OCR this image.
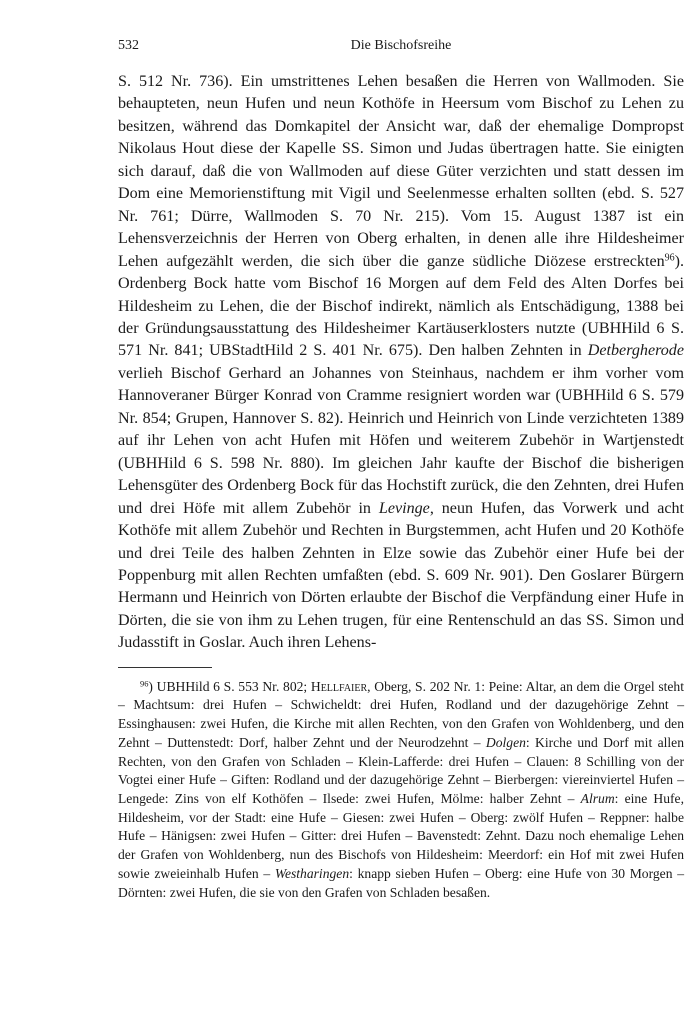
532	Die Bischofsreihe

S. 512 Nr. 736). Ein umstrittenes Lehen besaßen die Herren von Wallmoden. Sie behaupteten, neun Hufen und neun Kothöfe in Heersum vom Bischof zu Lehen zu besitzen, während das Domkapitel der Ansicht war, daß der ehemalige Dompropst Nikolaus Hout diese der Kapelle SS. Simon und Judas übertragen hatte. Sie einigten sich darauf, daß die von Wallmoden auf diese Güter verzichten und statt dessen im Dom eine Memorienstiftung mit Vigil und Seelenmesse erhalten sollten (ebd. S. 527 Nr. 761; Dürre, Wallmoden S. 70 Nr. 215). Vom 15. August 1387 ist ein Lehensverzeichnis der Herren von Oberg erhalten, in denen alle ihre Hildesheimer Lehen aufgezählt werden, die sich über die ganze südliche Diözese erstreckten$^{96}$). Ordenberg Bock hatte vom Bischof 16 Morgen auf dem Feld des Alten Dorfes bei Hildesheim zu Lehen, die der Bischof indirekt, nämlich als Entschädigung, 1388 bei der Gründungsausstattung des Hildesheimer Kartäuserklosters nutzte (UBHHild 6 S. 571 Nr. 841; UBStadtHild 2 S. 401 Nr. 675). Den halben Zehnten in Detbergherode verlieh Bischof Gerhard an Johannes von Steinhaus, nachdem er ihm vorher vom Hannoveraner Bürger Konrad von Cramme resigniert worden war (UBHHild 6 S. 579 Nr. 854; Grupen, Hannover S. 82). Heinrich und Heinrich von Linde verzichteten 1389 auf ihr Lehen von acht Hufen mit Höfen und weiterem Zubehör in Wartjenstedt (UBHHild 6 S. 598 Nr. 880). Im gleichen Jahr kaufte der Bischof die bisherigen Lehensgüter des Ordenberg Bock für das Hochstift zurück, die den Zehnten, drei Hufen und drei Höfe mit allem Zubehör in Levinge, neun Hufen, das Vorwerk und acht Kothöfe mit allem Zubehör und Rechten in Burgstemmen, acht Hufen und 20 Kothöfe und drei Teile des halben Zehnten in Elze sowie das Zubehör einer Hufe bei der Poppenburg mit allen Rechten umfaßten (ebd. S. 609 Nr. 901). Den Goslarer Bürgern Hermann und Heinrich von Dörten erlaubte der Bischof die Verpfändung einer Hufe in Dörten, die sie von ihm zu Lehen trugen, für eine Rentenschuld an das SS. Simon und Judasstift in Goslar. Auch ihren Lehens-

$^{96}$) UBHHild 6 S. 553 Nr. 802; Hellfaier, Oberg, S. 202 Nr. 1: Peine: Altar, an dem die Orgel steht – Machtsum: drei Hufen – Schwicheldt: drei Hufen, Rodland und der dazugehörige Zehnt – Essinghausen: zwei Hufen, die Kirche mit allen Rechten, von den Grafen von Wohldenberg, und den Zehnt – Duttenstedt: Dorf, halber Zehnt und der Neurodzehnt – Dolgen: Kirche und Dorf mit allen Rechten, von den Grafen von Schladen – Klein-Lafferde: drei Hufen – Clauen: 8 Schilling von der Vogtei einer Hufe – Giften: Rodland und der dazugehörige Zehnt – Bierbergen: viereinviertel Hufen – Lengede: Zins von elf Kothöfen – Ilsede: zwei Hufen, Mölme: halber Zehnt – Alrum: eine Hufe, Hildesheim, vor der Stadt: eine Hufe – Giesen: zwei Hufen – Oberg: zwölf Hufen – Reppner: halbe Hufe – Hänigsen: zwei Hufen – Gitter: drei Hufen – Bavenstedt: Zehnt. Dazu noch ehemalige Lehen der Grafen von Wohldenberg, nun des Bischofs von Hildesheim: Meerdorf: ein Hof mit zwei Hufen sowie zweieinhalb Hufen – Westharingen: knapp sieben Hufen – Oberg: eine Hufe von 30 Morgen – Dörnten: zwei Hufen, die sie von den Grafen von Schladen besaßen.
